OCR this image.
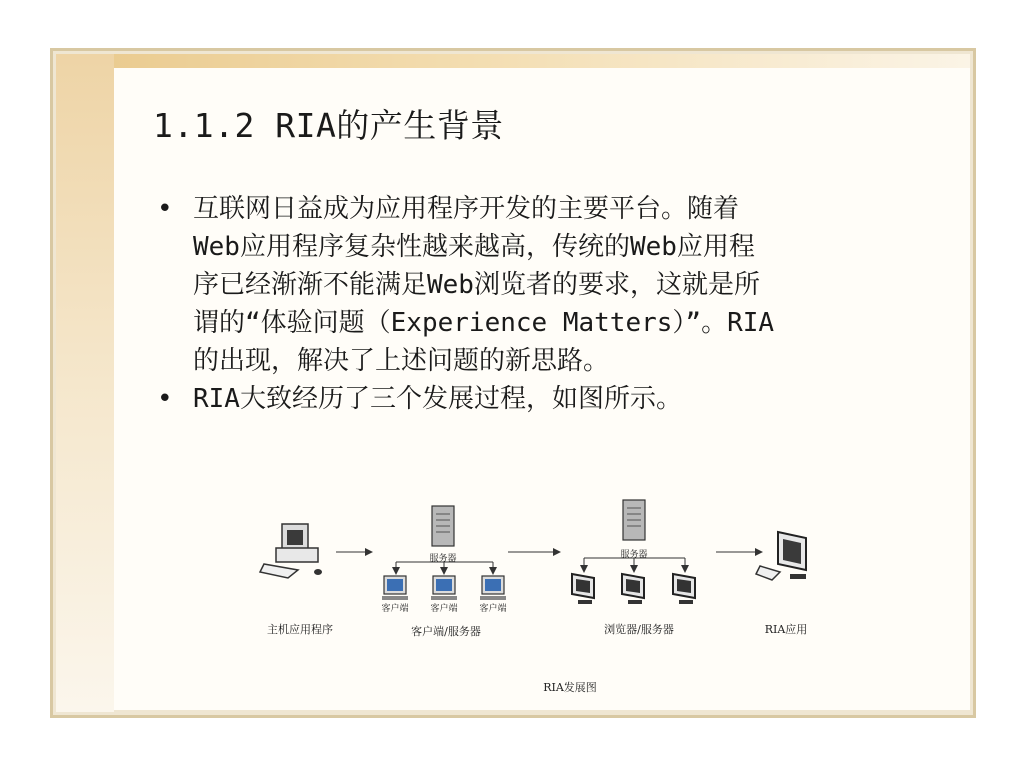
1.1.2 RIA的产生背景
• 互联网日益成为应用程序开发的主要平台。随着
Web应用程序复杂性越来越高，传统的Web应用程
序已经渐渐不能满足Web浏览者的要求，这就是所
谓的“体验问题（Experience Matters）”。RIA
的出现，解决了上述问题的新思路。
• RIA大致经历了三个发展过程，如图所示。
服务器	服务器
客户端 客户端 客户端
主机应用程序	客户端/服务器	浏览器/服务器	RIA应用
RIA发展图
